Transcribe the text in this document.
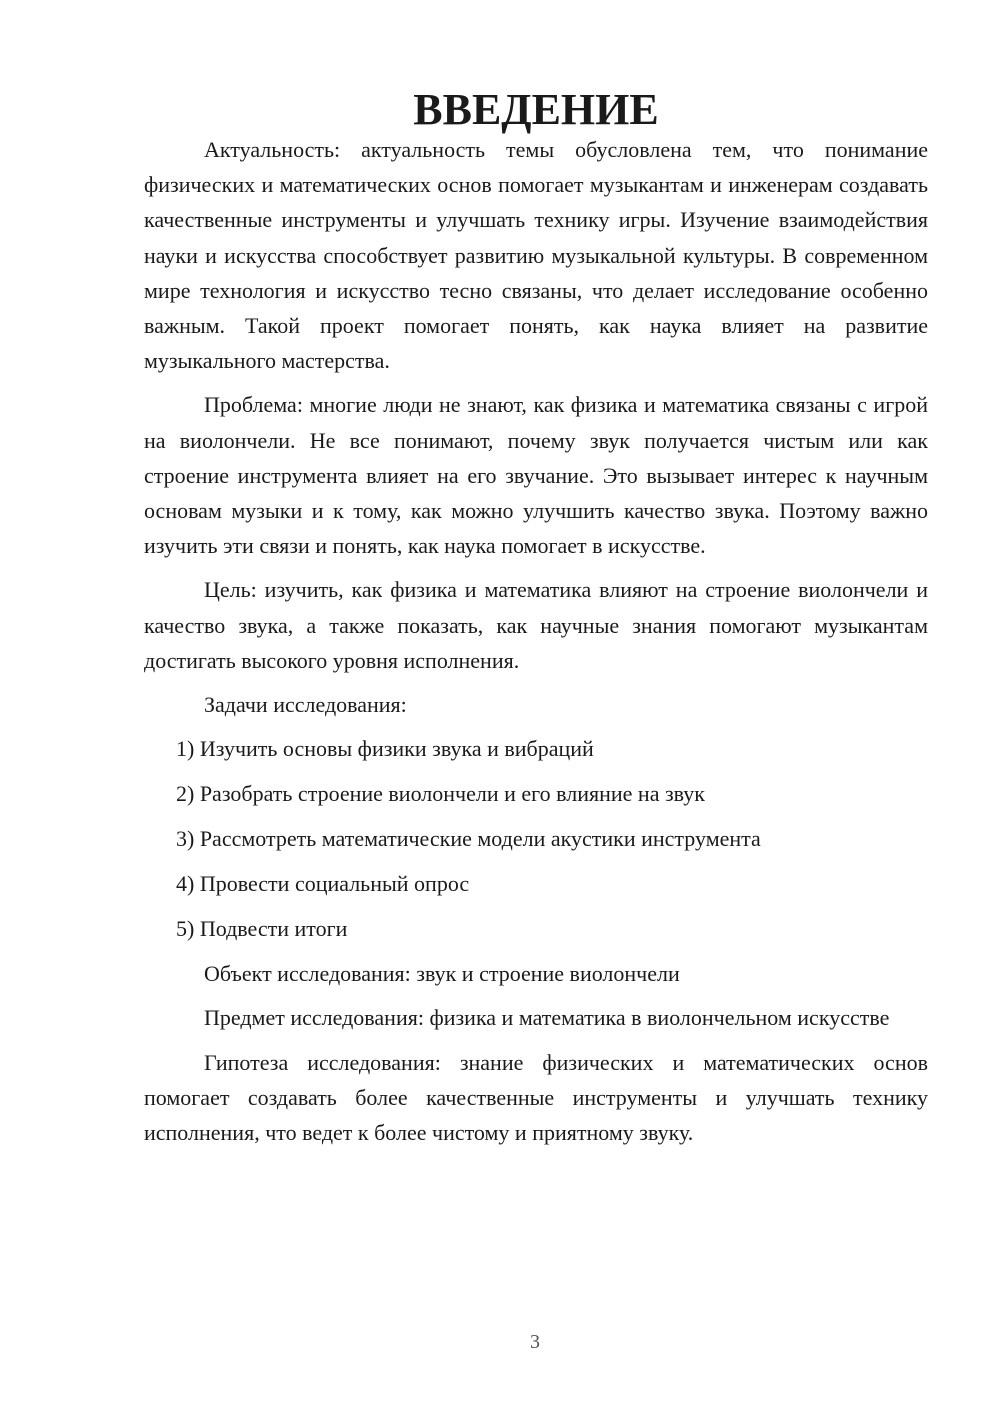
ВВЕДЕНИЕ

Актуальность: актуальность темы обусловлена тем, что понимание физических и математических основ помогает музыкантам и инженерам создавать качественные инструменты и улучшать технику игры. Изучение взаимодействия науки и искусства способствует развитию музыкальной культуры. В современном мире технология и искусство тесно связаны, что делает исследование особенно важным. Такой проект помогает понять, как наука влияет на развитие музыкального мастерства.

Проблема: многие люди не знают, как физика и математика связаны с игрой на виолончели. Не все понимают, почему звук получается чистым или как строение инструмента влияет на его звучание. Это вызывает интерес к научным основам музыки и к тому, как можно улучшить качество звука. Поэтому важно изучить эти связи и понять, как наука помогает в искусстве.

Цель: изучить, как физика и математика влияют на строение виолончели и качество звука, а также показать, как научные знания помогают музыкантам достигать высокого уровня исполнения.

Задачи исследования:

1) Изучить основы физики звука и вибраций
2) Разобрать строение виолончели и его влияние на звук
3) Рассмотреть математические модели акустики инструмента
4) Провести социальный опрос
5) Подвести итоги

Объект исследования: звук и строение виолончели

Предмет исследования: физика и математика в виолончельном искусстве

Гипотеза исследования: знание физических и математических основ помогает создавать более качественные инструменты и улучшать технику исполнения, что ведет к более чистому и приятному звуку.

3
